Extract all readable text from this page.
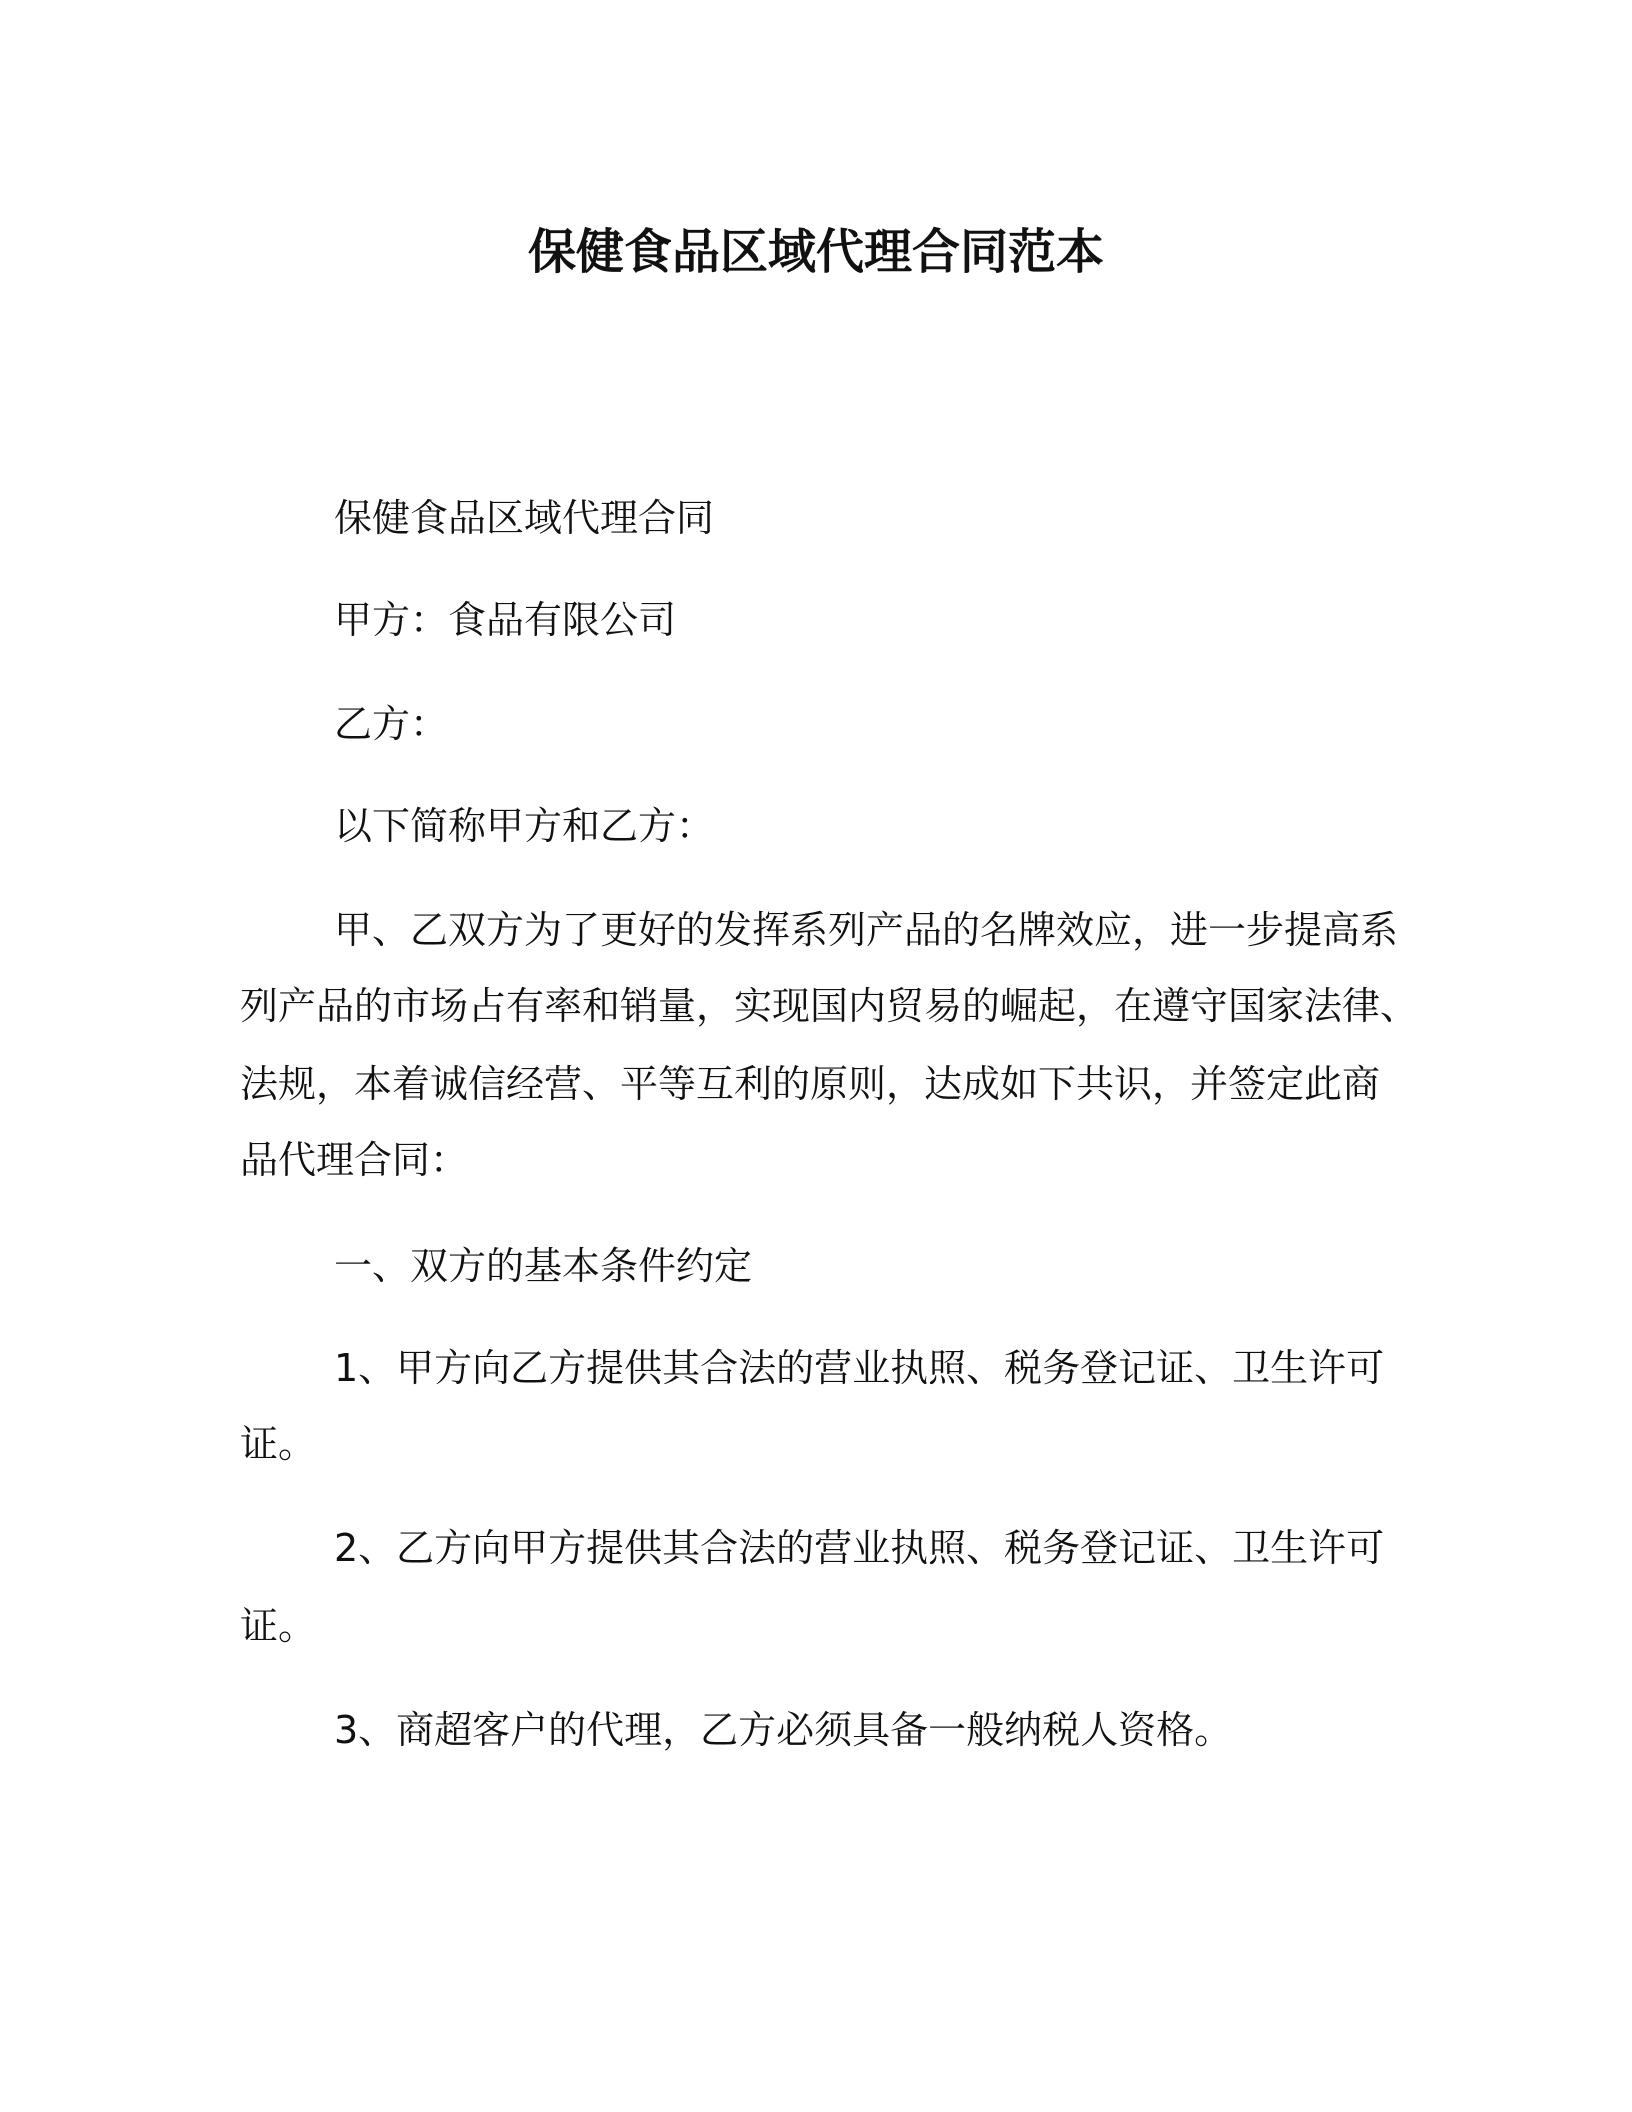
保健食品区域代理合同范本
保健食品区域代理合同
甲方：食品有限公司
乙方：
以下简称甲方和乙方：
甲、乙双方为了更好的发挥系列产品的名牌效应，进一步提高系
列产品的市场占有率和销量，实现国内贸易的崛起，在遵守国家法律、
法规，本着诚信经营、平等互利的原则，达成如下共识，并签定此商
品代理合同：
一、双方的基本条件约定
1、甲方向乙方提供其合法的营业执照、税务登记证、卫生许可
证。
2、乙方向甲方提供其合法的营业执照、税务登记证、卫生许可
证。
3、商超客户的代理，乙方必须具备一般纳税人资格。
